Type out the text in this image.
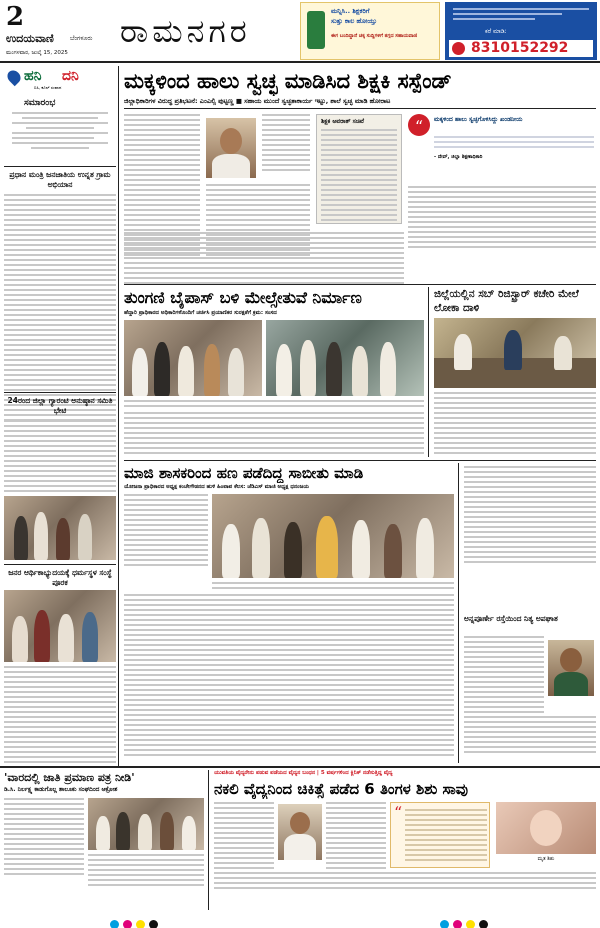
2
ಉದಯವಾಣಿ	ಬೆಂಗಳೂರು
ಮಂಗಳವಾರ, ಜುಲೈ 15, 2025
ರಾಮನಗರ
ಮನ್ನಿಸಿ.. ಶಿಕ್ಷಕರಿಗೆ
ಸುತ್ತು ಕಾಲ ಹೋಯ್ತು
ಈಗ ಬಂದಿದ್ದಾನೆ ಚಕ್ಕ ಸುದ್ದಿಗಳಿಗೆ ತಗ್ಗದ ಸಹಾಯವಾಣಿ
ಕರೆ ಮಾಡಿ:
8310152292
ಹನಿ ದನಿ
ಬಿಸಿ, ಕೂಲ್ ಸಂವಾದ
ಸಮಾರಂಭ
ಪ್ರಧಾನ ಮಂತ್ರಿ ಜನಜಾತಿಯ ಉನ್ನತ ಗ್ರಾಮ ಅಭಿಯಾನ
24ರಂದ ಜಿಲ್ಲಾ ಗ್ಯಾರಂಟಿ ಅನುಷ್ಠಾನ ಸಮಿತಿ ಭೇಟಿ
ಜನರ ಆರ್ಥಿಕಾಭ್ಯುದಯಕ್ಕೆ ಧರ್ಮಸ್ಥಳ ಸಂಸ್ಥೆ ಪೂರಕ
ಮಕ್ಕಳಿಂದ ಹಾಲು ಸ್ವಚ್ಛ ಮಾಡಿಸಿದ ಶಿಕ್ಷಕಿ ಸಸ್ಪೆಂಡ್
ಜಿಲ್ಲಾಧಿಕಾರಿಗಳ ವಿರುದ್ಧ ಪ್ರತಿಭಟನೆ: ಎಂಎಲ್ಸಿ ಪುಟ್ಟಣ್ಣ ■ ಸಹಾಯ ಮುಂದೆ ಸ್ವಚ್ಛತಾಕಾರ್ಯ ಇಟ್ಟು, ಶಾಲೆ ಸ್ವಚ್ಛ ಮಾಡಿ ಹೋರಾಟ
ಶಿಕ್ಷಕ ಅವರಾತ್ ಸಚಿವೆ	“	ಮಕ್ಕಳಿಂದ ಹಾಲು ಸ್ವಚ್ಛಗೊಳಿಸಿದ್ದು ಖಂಡನೀಯ
- ದೇವ್, ಜಿಲ್ಲಾ ಶಿಕ್ಷಣಾಧಿಕಾರಿ
ತುಂಗಣಿ ಬೈಪಾಸ್ ಬಳಿ ಮೇಲ್ಸೇತುವೆ ನಿರ್ಮಾಣ
ಹೆದ್ದಾರಿ ಪ್ರಾಧಿಕಾರದ ಅಧಿಕಾರಿಗಳೊಂದಿಗೆ ಚರ್ಚಿಸಿ ಪ್ರಯಾಣಿಕರ ಸುರಕ್ಷತೆಗೆ ಕ್ರಮ: ಸಂಸದ
ಜಿಲ್ಲೆಯಲ್ಲಿನ ಸಬ್ ರಿಜಿಸ್ಟ್ರಾರ್ ಕಚೇರಿ ಮೇಲೆ ಲೋಕಾ ದಾಳಿ
ಮಾಜಿ ಶಾಸಕರಿಂದ ಹಣ ಪಡೆದಿದ್ದ ಸಾಬೀತು ಮಾಡಿ
ಯೋಜನಾ ಪ್ರಾಧಿಕಾರದ ಅಧ್ಯಕ್ಷ ಕಂಚೇಗೌಡನದ ಹುಳಿ ಹಿಂಪಾಪ ಕೆಲಸ: ಜೆಡಿಎಸ್ ಮಾಜಿ ಅಧ್ಯಕ್ಷ ಧನಂಜಯ
ಅನ್ನಪೂರ್ಣೇ ರಸ್ತೆಯಿಂದ ನಿತ್ಯ ಅಪಘಾತ
'ವಾರದಲ್ಲಿ ಜಾತಿ ಪ್ರಮಾಣ ಪತ್ರ ನೀಡಿ'
ಡಿ.ಸಿ. ನಿರ್ಲಕ್ಷ್ಯ ಕಾಡುಗೊಲ್ಲ ತಾಲೂಕು ಸಂಘದಿಂದ ಆಕ್ರೋಶ
ಯುವತಿಯ ವೈದ್ಯರೇನು ಪಡುವ ಪಡೆಯದ ವೈದ್ಯನ ಬಂಧನ | 5 ವರ್ಷಗಳಿಂದ ಕ್ಲಿನಿಕ್ ನಡೆಸುತ್ತಿದ್ದ ವೈದ್ಯ
ನಕಲಿ ವೈದ್ಯನಿಂದ ಚಿಕಿತ್ಸೆ ಪಡೆದ 6 ತಿಂಗಳ ಶಿಶು ಸಾವು
“
ಮೃತ ಶಿಶು
